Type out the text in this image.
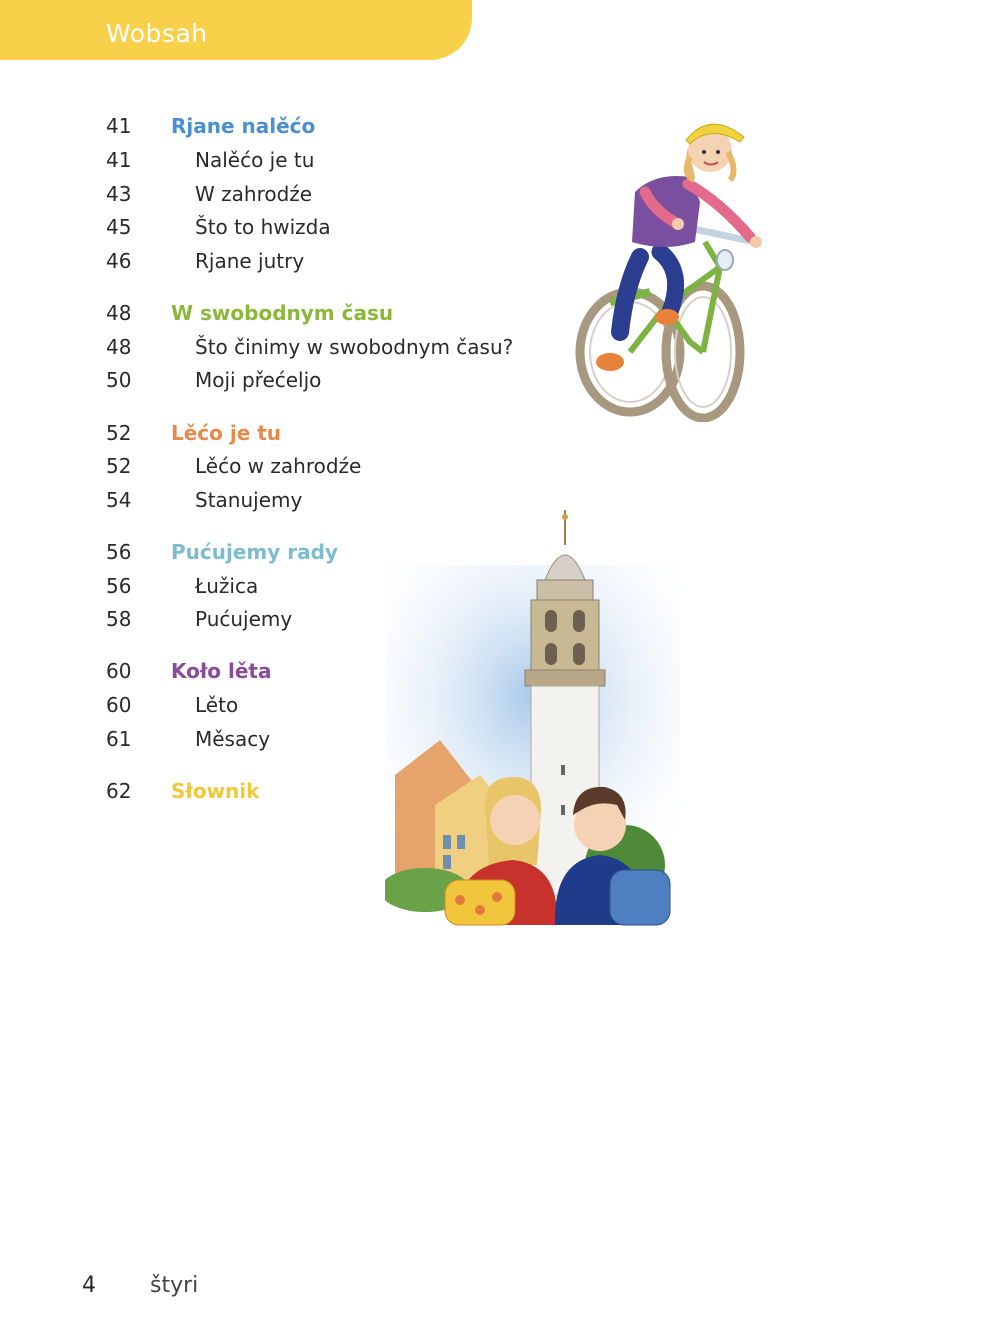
Wobsah
41	Rjane nalěćo
41	Nalěćo je tu
43	W zahrodźe
45	Što to hwizda
46	Rjane jutry
48	W swobodnym času
48	Što činimy w swobodnym času?
50	Moji přećeljo
52	Lěćo je tu
52	Lěćo w zahrodźe
54	Stanujemy
56	Pućujemy rady
56	Łužica
58	Pućujemy
60	Koło lěta
60	Lěto
61	Měsacy
62	Słownik
4 štyri
